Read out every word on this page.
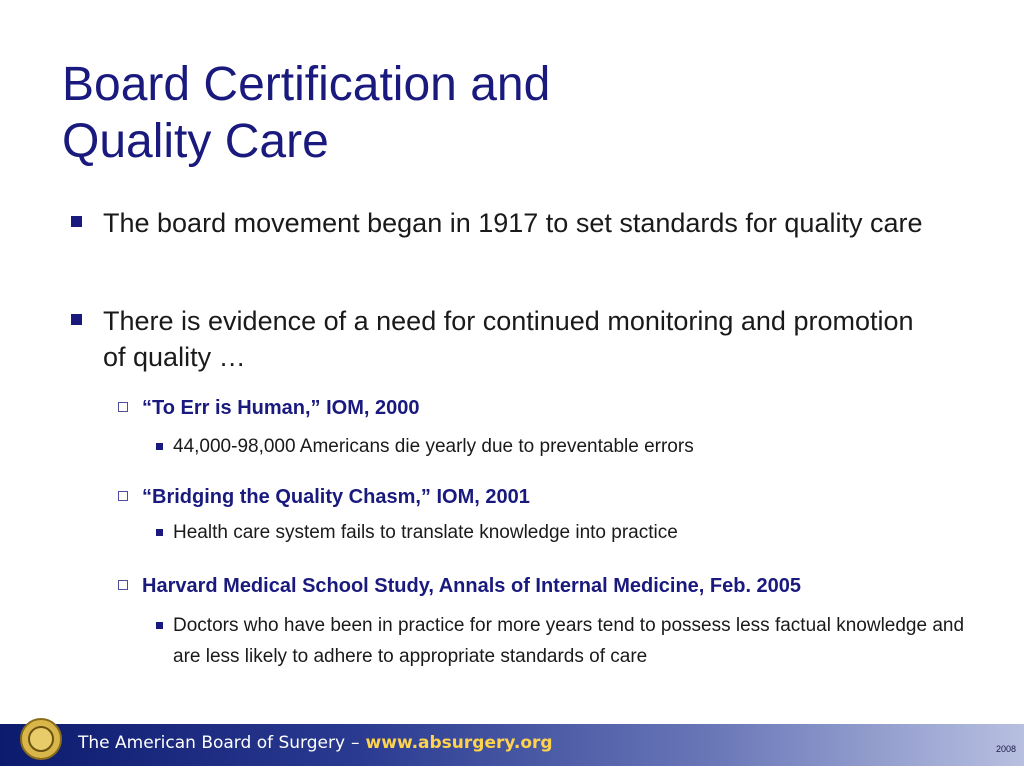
Board Certification and
Quality Care
The board movement began in 1917 to set standards for quality care
There is evidence of a need for continued monitoring and promotion of quality …
“To Err is Human,” IOM, 2000
44,000-98,000 Americans die yearly due to preventable errors
“Bridging the Quality Chasm,” IOM, 2001
Health care system fails to translate knowledge into practice
Harvard Medical School Study, Annals of Internal Medicine, Feb. 2005
Doctors who have been in practice for more years tend to possess less factual knowledge and are less likely to adhere to appropriate standards of care
The American Board of Surgery – www.absurgery.org	2008
